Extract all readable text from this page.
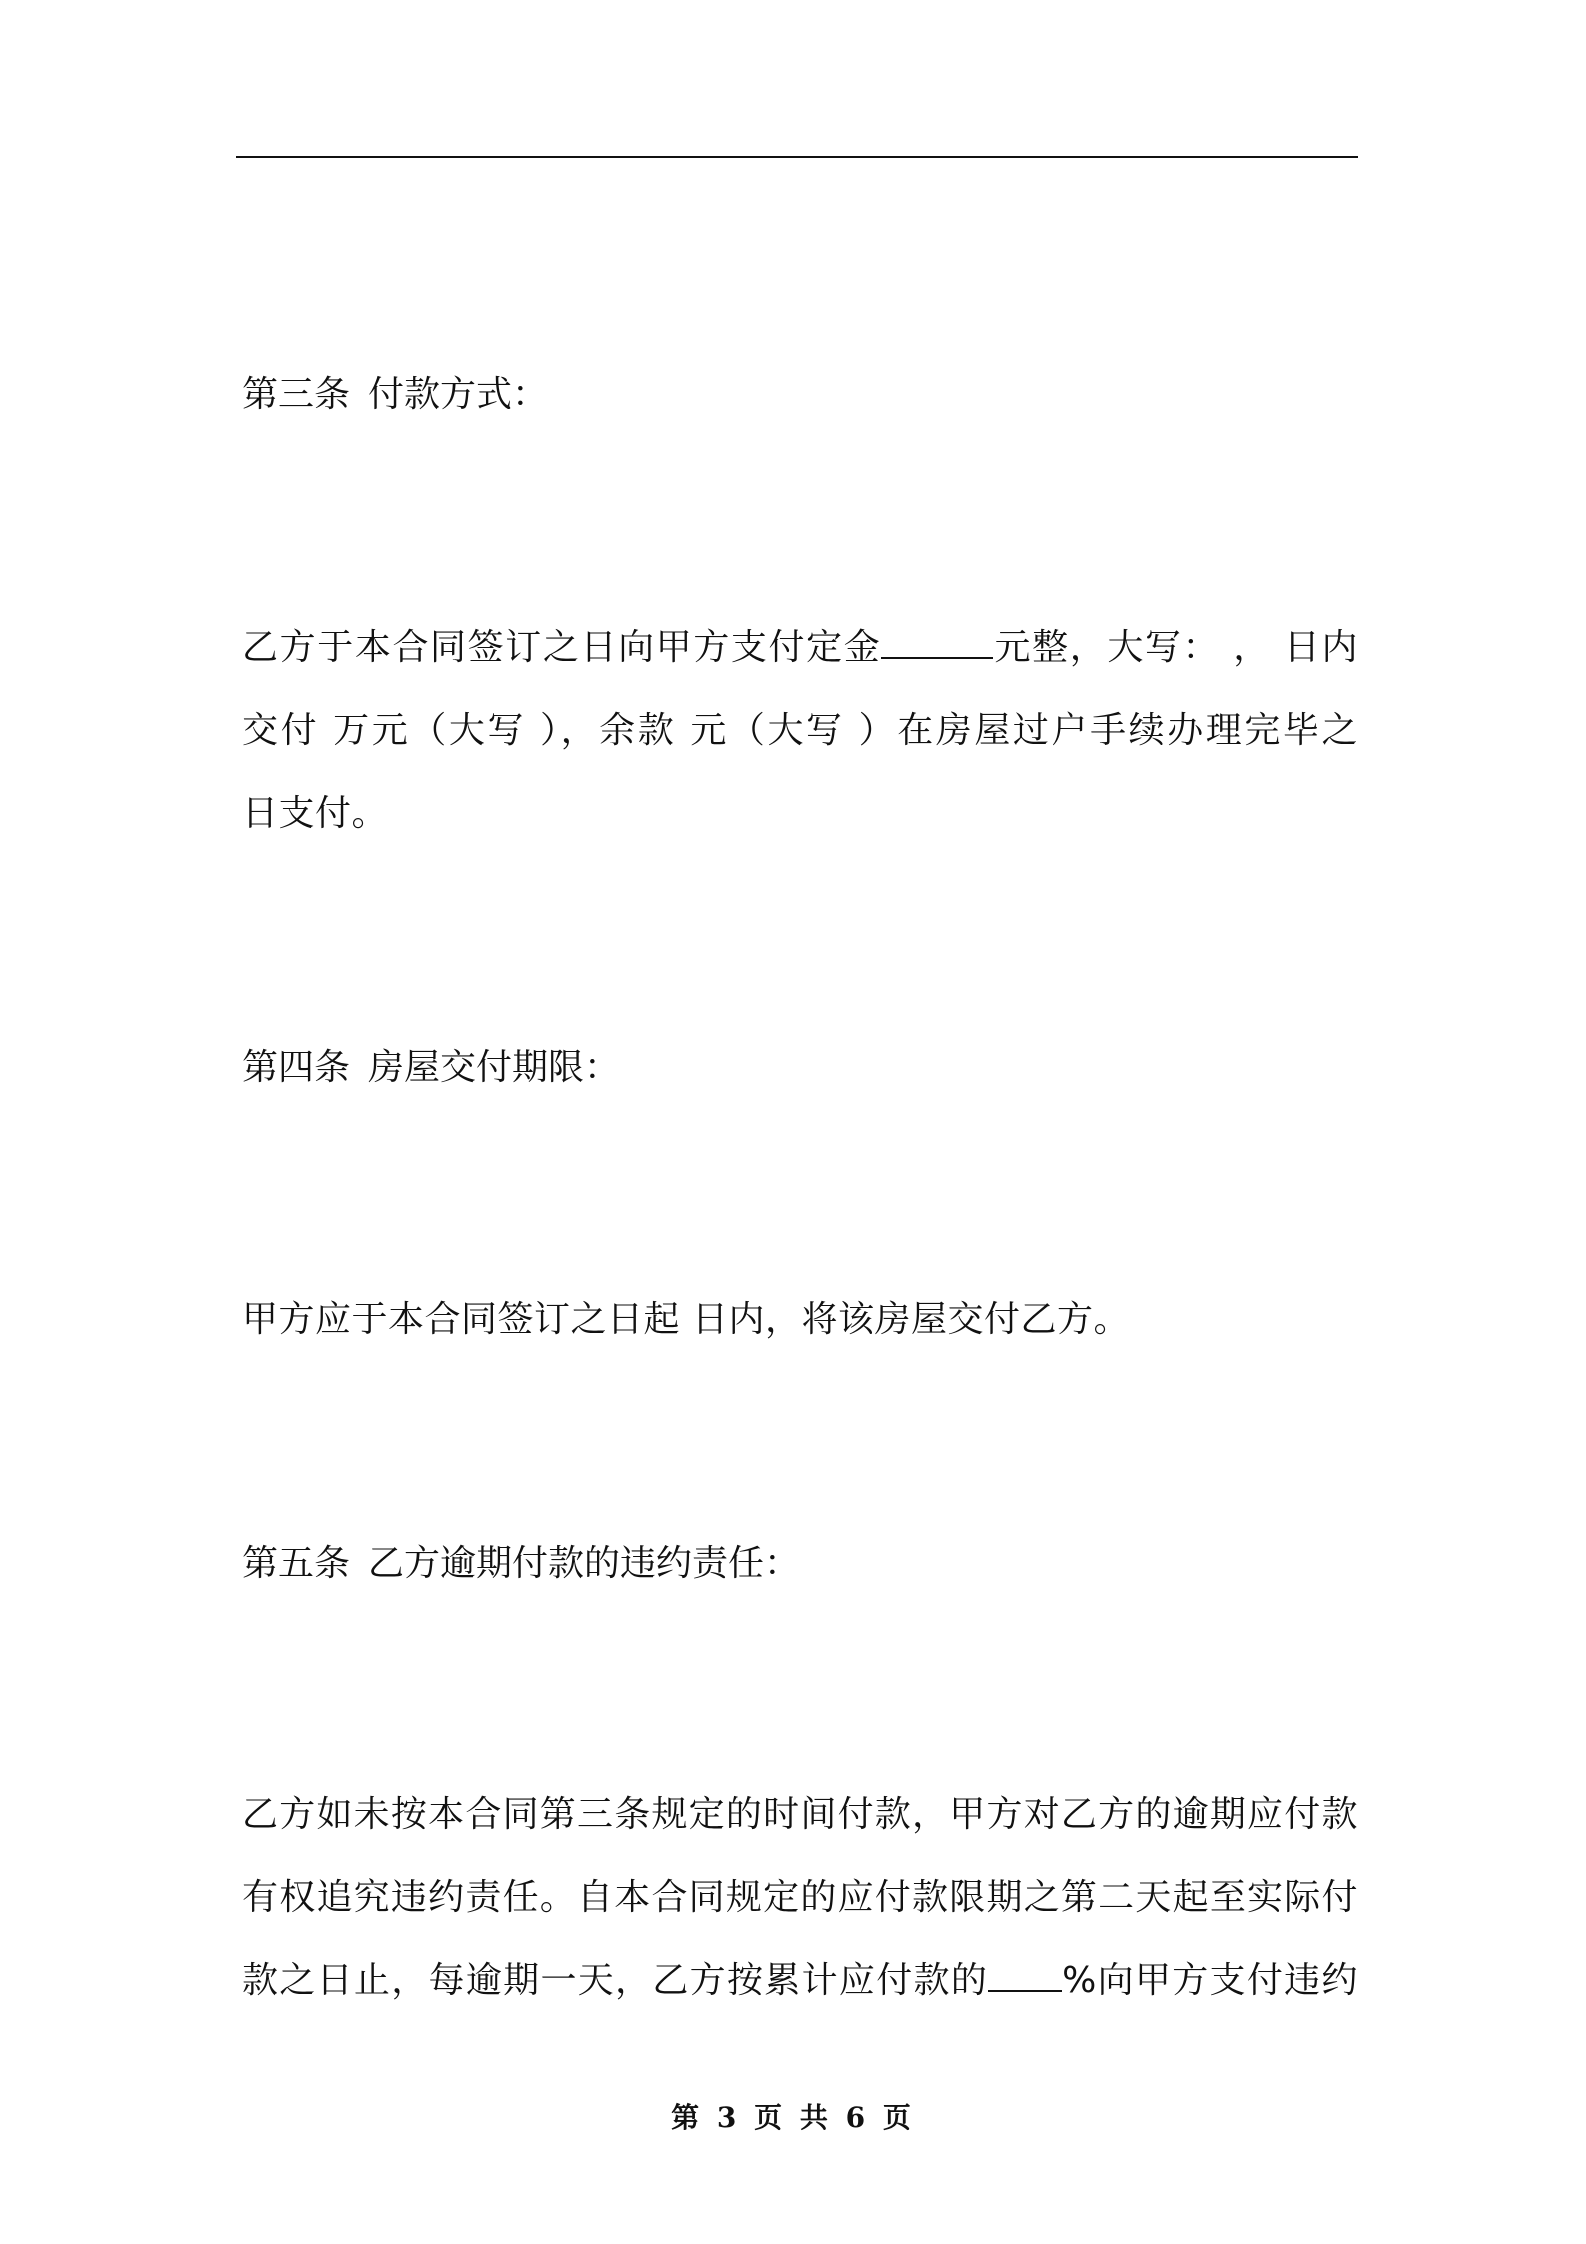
第三条 付款方式：

乙方于本合同签订之日向甲方支付定金	元整，大写： ， 日内
交付 万元（大写 ），余款 元（大写 ）在房屋过户手续办理完毕之
日支付。

第四条 房屋交付期限：

甲方应于本合同签订之日起 日内，将该房屋交付乙方。

第五条 乙方逾期付款的违约责任：

乙方如未按本合同第三条规定的时间付款，甲方对乙方的逾期应付款
有权追究违约责任。自本合同规定的应付款限期之第二天起至实际付
款之日止，每逾期一天，乙方按累计应付款的 %向甲方支付违约
第 3 页 共 6 页
